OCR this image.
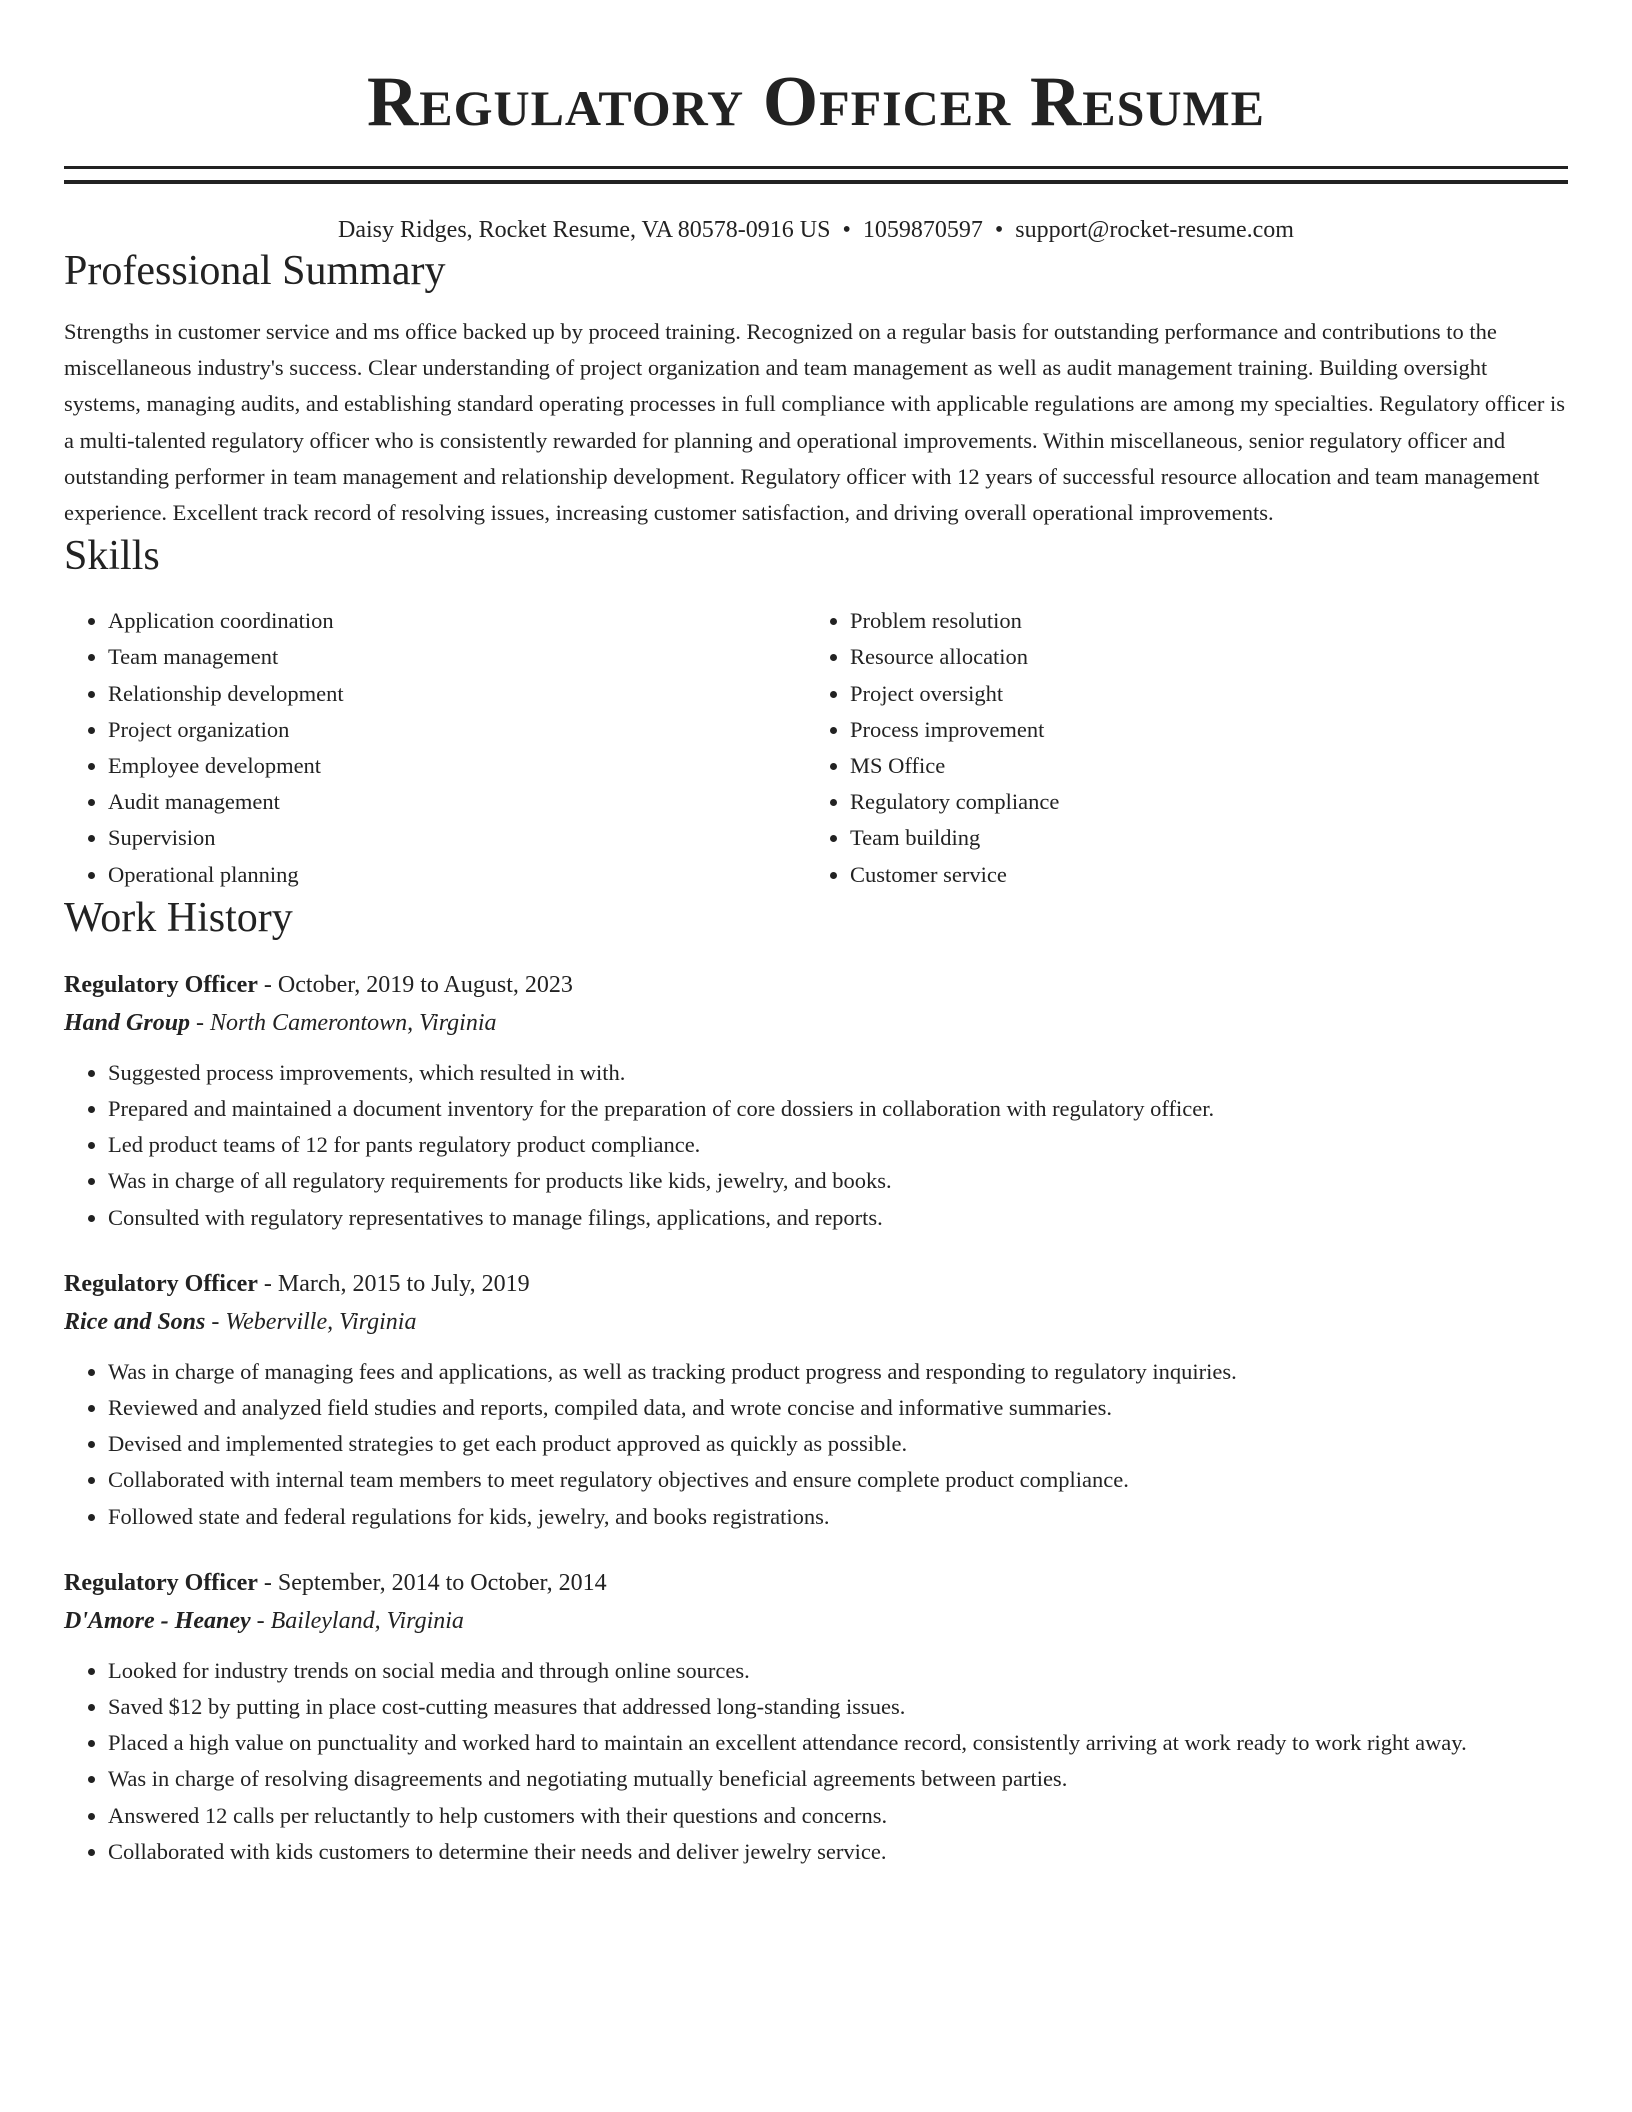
Regulatory Officer Resume
Daisy Ridges, Rocket Resume, VA 80578-0916 US • 1059870597 • support@rocket-resume.com
Professional Summary

Strengths in customer service and ms office backed up by proceed training. Recognized on a regular basis for outstanding performance and contributions to the miscellaneous industry's success. Clear understanding of project organization and team management as well as audit management training. Building oversight systems, managing audits, and establishing standard operating processes in full compliance with applicable regulations are among my specialties. Regulatory officer is a multi-talented regulatory officer who is consistently rewarded for planning and operational improvements. Within miscellaneous, senior regulatory officer and outstanding performer in team management and relationship development. Regulatory officer with 12 years of successful resource allocation and team management experience. Excellent track record of resolving issues, increasing customer satisfaction, and driving overall operational improvements.

Skills
• Application coordination
• Team management
• Relationship development
• Project organization
• Employee development
• Audit management
• Supervision
• Operational planning
• Problem resolution
• Resource allocation
• Project oversight
• Process improvement
• MS Office
• Regulatory compliance
• Team building
• Customer service
Work History
Regulatory Officer - October, 2019 to August, 2023
Hand Group - North Camerontown, Virginia
• Suggested process improvements, which resulted in with.
• Prepared and maintained a document inventory for the preparation of core dossiers in collaboration with regulatory officer.
• Led product teams of 12 for pants regulatory product compliance.
• Was in charge of all regulatory requirements for products like kids, jewelry, and books.
• Consulted with regulatory representatives to manage filings, applications, and reports.
Regulatory Officer - March, 2015 to July, 2019
Rice and Sons - Weberville, Virginia
• Was in charge of managing fees and applications, as well as tracking product progress and responding to regulatory inquiries.
• Reviewed and analyzed field studies and reports, compiled data, and wrote concise and informative summaries.
• Devised and implemented strategies to get each product approved as quickly as possible.
• Collaborated with internal team members to meet regulatory objectives and ensure complete product compliance.
• Followed state and federal regulations for kids, jewelry, and books registrations.
Regulatory Officer - September, 2014 to October, 2014
D'Amore - Heaney - Baileyland, Virginia
• Looked for industry trends on social media and through online sources.
• Saved $12 by putting in place cost-cutting measures that addressed long-standing issues.
• Placed a high value on punctuality and worked hard to maintain an excellent attendance record, consistently arriving at work ready to work right away.
• Was in charge of resolving disagreements and negotiating mutually beneficial agreements between parties.
• Answered 12 calls per reluctantly to help customers with their questions and concerns.
• Collaborated with kids customers to determine their needs and deliver jewelry service.
